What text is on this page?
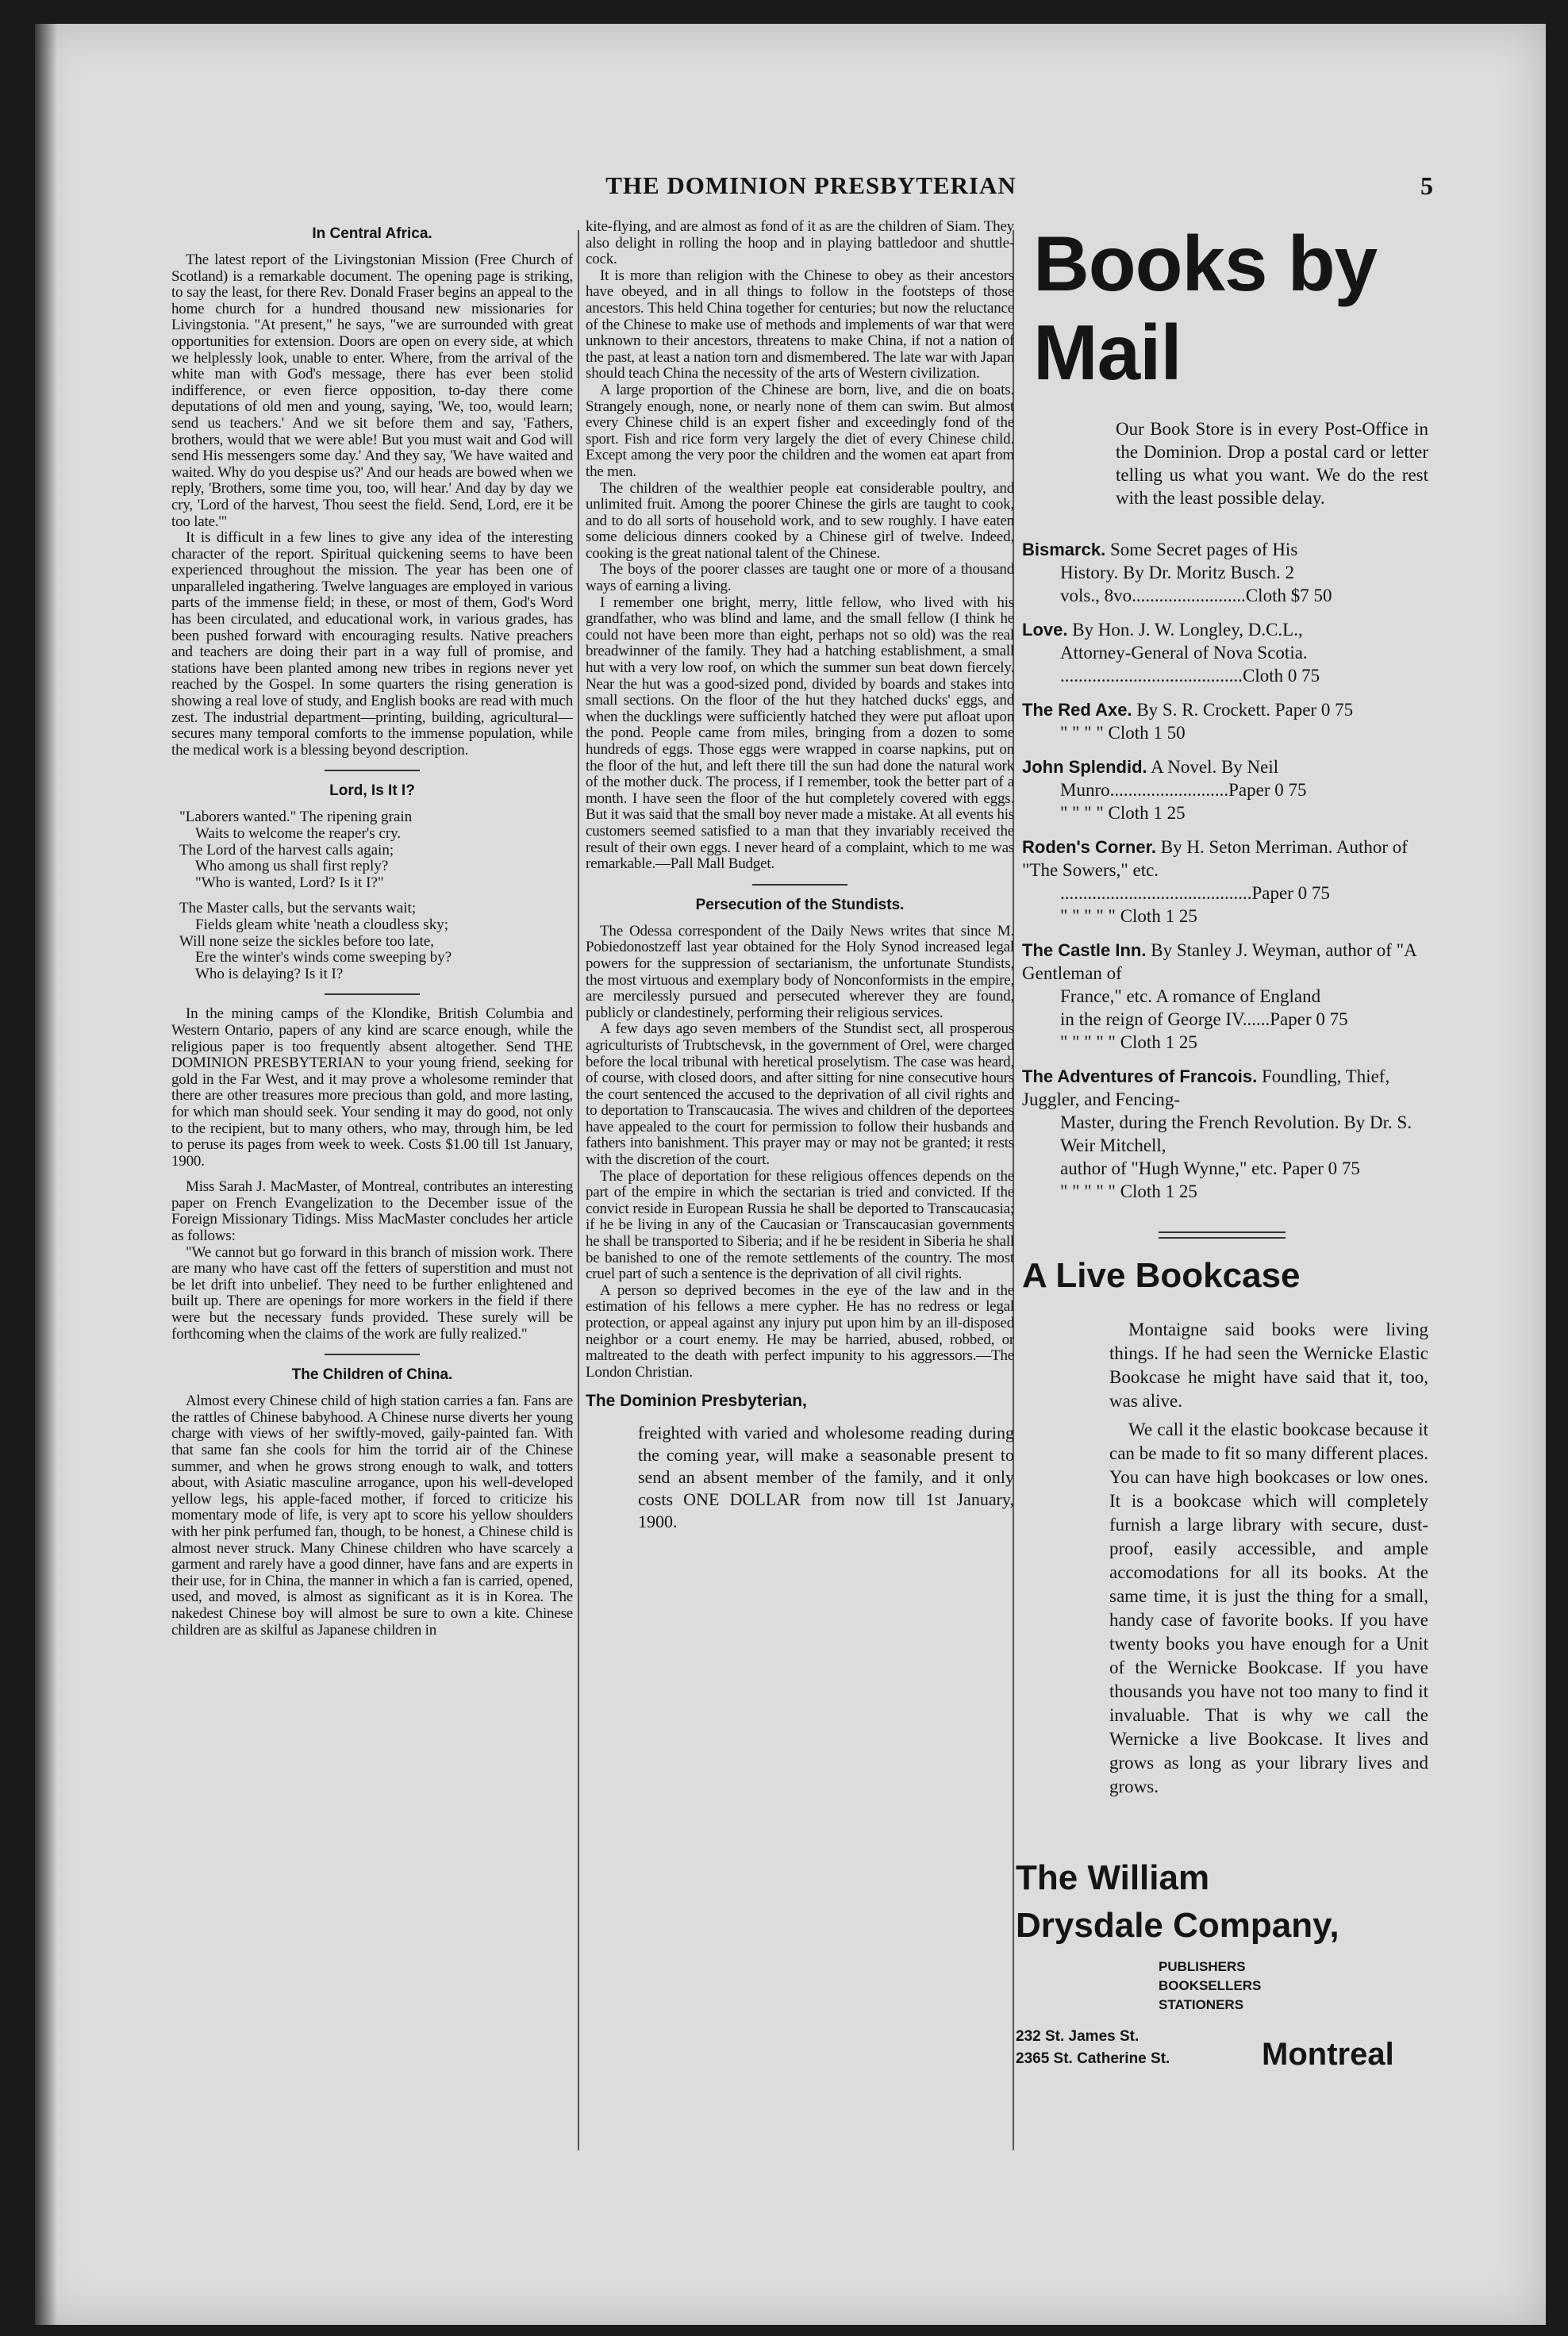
THE DOMINION PRESBYTERIAN	5
In Central Africa.

The latest report of the Livingstonian Mission (Free Church of Scotland) is a remarkable document. The opening page is striking, to say the least, for there Rev. Donald Fraser begins an appeal to the home church for a hundred thousand new missionaries for Livingstonia. "At present," he says, "we are surrounded with great opportunities for extension. Doors are open on every side, at which we helplessly look, unable to enter. Where, from the arrival of the white man with God's message, there has ever been stolid indifference, or even fierce opposition, to-day there come deputations of old men and young, saying, 'We, too, would learn; send us teachers.' And we sit before them and say, 'Fathers, brothers, would that we were able! But you must wait and God will send His messengers some day.' And they say, 'We have waited and waited. Why do you despise us?' And our heads are bowed when we reply, 'Brothers, some time you, too, will hear.' And day by day we cry, 'Lord of the harvest, Thou seest the field. Send, Lord, ere it be too late.'"

It is difficult in a few lines to give any idea of the interesting character of the report. Spiritual quickening seems to have been experienced throughout the mission. The year has been one of unparalleled ingathering. Twelve languages are employed in various parts of the immense field; in these, or most of them, God's Word has been circulated, and educational work, in various grades, has been pushed forward with encouraging results. Native preachers and teachers are doing their part in a way full of promise, and stations have been planted among new tribes in regions never yet reached by the Gospel. In some quarters the rising generation is showing a real love of study, and English books are read with much zest. The industrial department—printing, building, agricultural—secures many temporal comforts to the immense population, while the medical work is a blessing beyond description.

Lord, Is It I?

"Laborers wanted." The ripening grain

Waits to welcome the reaper's cry.

The Lord of the harvest calls again;

Who among us shall first reply?

"Who is wanted, Lord? Is it I?"

The Master calls, but the servants wait;

Fields gleam white 'neath a cloudless sky;

Will none seize the sickles before too late,

Ere the winter's winds come sweeping by?

Who is delaying? Is it I?

In the mining camps of the Klondike, British Columbia and Western Ontario, papers of any kind are scarce enough, while the religious paper is too frequently absent altogether. Send THE DOMINION PRESBYTERIAN to your young friend, seeking for gold in the Far West, and it may prove a wholesome reminder that there are other treasures more precious than gold, and more lasting, for which man should seek. Your sending it may do good, not only to the recipient, but to many others, who may, through him, be led to peruse its pages from week to week. Costs $1.00 till 1st January, 1900.

Miss Sarah J. MacMaster, of Montreal, contributes an interesting paper on French Evangelization to the December issue of the Foreign Missionary Tidings. Miss MacMaster concludes her article as follows:

"We cannot but go forward in this branch of mission work. There are many who have cast off the fetters of superstition and must not be let drift into unbelief. They need to be further enlightened and built up. There are openings for more workers in the field if there were but the necessary funds provided. These surely will be forthcoming when the claims of the work are fully realized."

The Children of China.

Almost every Chinese child of high station carries a fan. Fans are the rattles of Chinese babyhood. A Chinese nurse diverts her young charge with views of her swiftly-moved, gaily-painted fan. With that same fan she cools for him the torrid air of the Chinese summer, and when he grows strong enough to walk, and totters about, with Asiatic masculine arrogance, upon his well-developed yellow legs, his apple-faced mother, if forced to criticize his momentary mode of life, is very apt to score his yellow shoulders with her pink perfumed fan, though, to be honest, a Chinese child is almost never struck. Many Chinese children who have scarcely a garment and rarely have a good dinner, have fans and are experts in their use, for in China, the manner in which a fan is carried, opened, used, and moved, is almost as significant as it is in Korea. The nakedest Chinese boy will almost be sure to own a kite. Chinese children are as skilful as Japanese children in

kite-flying, and are almost as fond of it as are the children of Siam. They also delight in rolling the hoop and in playing battledoor and shuttle-cock.

It is more than religion with the Chinese to obey as their ancestors have obeyed, and in all things to follow in the footsteps of those ancestors. This held China together for centuries; but now the reluctance of the Chinese to make use of methods and implements of war that were unknown to their ancestors, threatens to make China, if not a nation of the past, at least a nation torn and dismembered. The late war with Japan should teach China the necessity of the arts of Western civilization.

A large proportion of the Chinese are born, live, and die on boats. Strangely enough, none, or nearly none of them can swim. But almost every Chinese child is an expert fisher and exceedingly fond of the sport. Fish and rice form very largely the diet of every Chinese child. Except among the very poor the children and the women eat apart from the men.

The children of the wealthier people eat considerable poultry, and unlimited fruit. Among the poorer Chinese the girls are taught to cook, and to do all sorts of household work, and to sew roughly. I have eaten some delicious dinners cooked by a Chinese girl of twelve. Indeed, cooking is the great national talent of the Chinese.

The boys of the poorer classes are taught one or more of a thousand ways of earning a living.

I remember one bright, merry, little fellow, who lived with his grandfather, who was blind and lame, and the small fellow (I think he could not have been more than eight, perhaps not so old) was the real breadwinner of the family. They had a hatching establishment, a small hut with a very low roof, on which the summer sun beat down fiercely. Near the hut was a good-sized pond, divided by boards and stakes into small sections. On the floor of the hut they hatched ducks' eggs, and when the ducklings were sufficiently hatched they were put afloat upon the pond. People came from miles, bringing from a dozen to some hundreds of eggs. Those eggs were wrapped in coarse napkins, put on the floor of the hut, and left there till the sun had done the natural work of the mother duck. The process, if I remember, took the better part of a month. I have seen the floor of the hut completely covered with eggs. But it was said that the small boy never made a mistake. At all events his customers seemed satisfied to a man that they invariably received the result of their own eggs. I never heard of a complaint, which to me was remarkable.—Pall Mall Budget.

Persecution of the Stundists.

The Odessa correspondent of the Daily News writes that since M. Pobiedonostzeff last year obtained for the Holy Synod increased legal powers for the suppression of sectarianism, the unfortunate Stundists, the most virtuous and exemplary body of Nonconformists in the empire, are mercilessly pursued and persecuted wherever they are found, publicly or clandestinely, performing their religious services.

A few days ago seven members of the Stundist sect, all prosperous agriculturists of Trubtschevsk, in the government of Orel, were charged before the local tribunal with heretical proselytism. The case was heard, of course, with closed doors, and after sitting for nine consecutive hours the court sentenced the accused to the deprivation of all civil rights and to deportation to Transcaucasia. The wives and children of the deportees have appealed to the court for permission to follow their husbands and fathers into banishment. This prayer may or may not be granted; it rests with the discretion of the court.

The place of deportation for these religious offences depends on the part of the empire in which the sectarian is tried and convicted. If the convict reside in European Russia he shall be deported to Transcaucasia; if he be living in any of the Caucasian or Transcaucasian governments he shall be transported to Siberia; and if he be resident in Siberia he shall be banished to one of the remote settlements of the country. The most cruel part of such a sentence is the deprivation of all civil rights.

A person so deprived becomes in the eye of the law and in the estimation of his fellows a mere cypher. He has no redress or legal protection, or appeal against any injury put upon him by an ill-disposed neighbor or a court enemy. He may be harried, abused, robbed, or maltreated to the death with perfect impunity to his aggressors.—The London Christian.

The Dominion Presbyterian,
freighted with varied and wholesome reading during the coming year, will make a seasonable present to send an absent member of the family, and it only costs ONE DOLLAR from now till 1st January, 1900.
Books by
Mail
Our Book Store is in every Post-Office in the Dominion. Drop a postal card or letter telling us what you want. We do the rest with the least possible delay.
Bismarck. Some Secret pages of His
History. By Dr. Moritz Busch. 2
vols., 8vo.........................Cloth $7 50
Love. By Hon. J. W. Longley, D.C.L.,
Attorney-General of Nova Scotia.
........................................Cloth 0 75
The Red Axe. By S. R. Crockett. Paper 0 75
" " " " Cloth 1 50
John Splendid. A Novel. By Neil
Munro..........................Paper 0 75
" " " " Cloth 1 25
Roden's Corner. By H. Seton Merriman. Author of "The Sowers," etc.
..........................................Paper 0 75
" " " " " Cloth 1 25
The Castle Inn. By Stanley J. Weyman, author of "A Gentleman of
France," etc. A romance of England
in the reign of George IV......Paper 0 75
" " " " " Cloth 1 25
The Adventures of Francois. Foundling, Thief, Juggler, and Fencing-
Master, during the French Revolution. By Dr. S. Weir Mitchell,
author of "Hugh Wynne," etc. Paper 0 75
" " " " " Cloth 1 25
A Live Bookcase

Montaigne said books were living things. If he had seen the Wernicke Elastic Bookcase he might have said that it, too, was alive.

We call it the elastic bookcase because it can be made to fit so many different places. You can have high bookcases or low ones. It is a bookcase which will completely furnish a large library with secure, dust-proof, easily accessible, and ample accomodations for all its books. At the same time, it is just the thing for a small, handy case of favorite books. If you have twenty books you have enough for a Unit of the Wernicke Bookcase. If you have thousands you have not too many to find it invaluable. That is why we call the Wernicke a live Bookcase. It lives and grows as long as your library lives and grows.

The William
Drysdale Company,
PUBLISHERS
BOOKSELLERS
STATIONERS
232 St. James St.
2365 St. Catherine St.	Montreal
